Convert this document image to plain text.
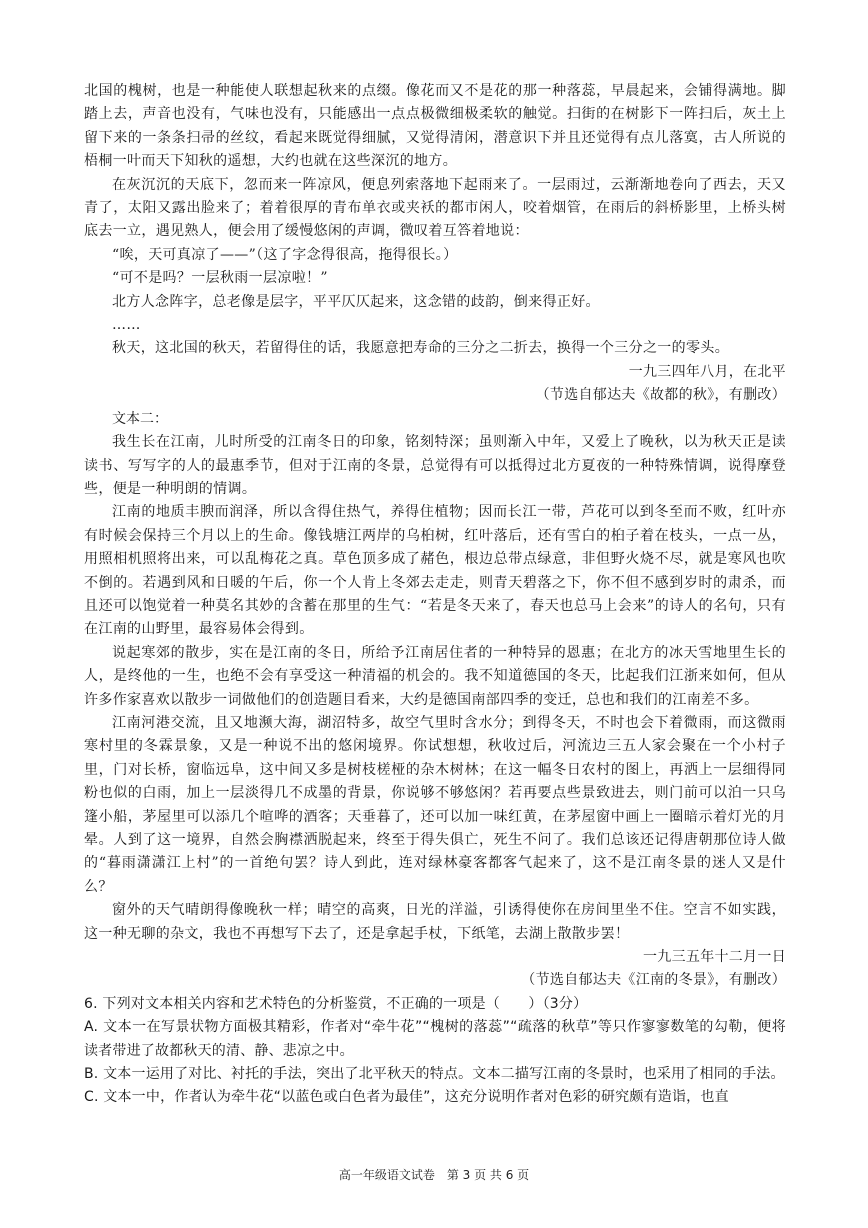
北国的槐树，也是一种能使人联想起秋来的点缀。像花而又不是花的那一种落蕊，早晨起来，会铺得满地。脚踏上去，声音也没有，气味也没有，只能感出一点点极微细极柔软的触觉。扫街的在树影下一阵扫后，灰土上留下来的一条条扫帚的丝纹，看起来既觉得细腻，又觉得清闲，潜意识下并且还觉得有点儿落寞，古人所说的梧桐一叶而天下知秋的遥想，大约也就在这些深沉的地方。

在灰沉沉的天底下，忽而来一阵凉风，便息列索落地下起雨来了。一层雨过，云渐渐地卷向了西去，天又青了，太阳又露出脸来了；着着很厚的青布单衣或夹袄的都市闲人，咬着烟管，在雨后的斜桥影里，上桥头树底去一立，遇见熟人，便会用了缓慢悠闲的声调，微叹着互答着地说：

“唉，天可真凉了——”（这了字念得很高，拖得很长。）

“可不是吗？一层秋雨一层凉啦！”

北方人念阵字，总老像是层字，平平仄仄起来，这念错的歧韵，倒来得正好。

……

秋天，这北国的秋天，若留得住的话，我愿意把寿命的三分之二折去，换得一个三分之一的零头。

一九三四年八月，在北平

（节选自郁达夫《故都的秋》，有删改）

文本二：

我生长在江南，儿时所受的江南冬日的印象，铭刻特深；虽则渐入中年，又爱上了晚秋，以为秋天正是读读书、写写字的人的最惠季节，但对于江南的冬景，总觉得有可以抵得过北方夏夜的一种特殊情调，说得摩登些，便是一种明朗的情调。

江南的地质丰腴而润泽，所以含得住热气，养得住植物；因而长江一带，芦花可以到冬至而不败，红叶亦有时候会保持三个月以上的生命。像钱塘江两岸的乌桕树，红叶落后，还有雪白的桕子着在枝头，一点一丛，用照相机照将出来，可以乱梅花之真。草色顶多成了赭色，根边总带点绿意，非但野火烧不尽，就是寒风也吹不倒的。若遇到风和日暖的午后，你一个人肯上冬郊去走走，则青天碧落之下，你不但不感到岁时的肃杀，而且还可以饱觉着一种莫名其妙的含蓄在那里的生气：“若是冬天来了，春天也总马上会来”的诗人的名句，只有在江南的山野里，最容易体会得到。

说起寒郊的散步，实在是江南的冬日，所给予江南居住者的一种特异的恩惠；在北方的冰天雪地里生长的人，是终他的一生，也绝不会有享受这一种清福的机会的。我不知道德国的冬天，比起我们江浙来如何，但从许多作家喜欢以散步一词做他们的创造题目看来，大约是德国南部四季的变迁，总也和我们的江南差不多。

江南河港交流，且又地濒大海，湖沼特多，故空气里时含水分；到得冬天，不时也会下着微雨，而这微雨寒村里的冬霖景象，又是一种说不出的悠闲境界。你试想想，秋收过后，河流边三五人家会聚在一个小村子里，门对长桥，窗临远阜，这中间又多是树枝槎桠的杂木树林；在这一幅冬日农村的图上，再洒上一层细得同粉也似的白雨，加上一层淡得几不成墨的背景，你说够不够悠闲？若再要点些景致进去，则门前可以泊一只乌篷小船，茅屋里可以添几个喧哗的酒客；天垂暮了，还可以加一味红黄，在茅屋窗中画上一圈暗示着灯光的月晕。人到了这一境界，自然会胸襟洒脱起来，终至于得失俱亡，死生不问了。我们总该还记得唐朝那位诗人做的“暮雨潇潇江上村”的一首绝句罢？诗人到此，连对绿林豪客都客气起来了，这不是江南冬景的迷人又是什么？

窗外的天气晴朗得像晚秋一样；晴空的高爽，日光的洋溢，引诱得使你在房间里坐不住。空言不如实践，这一种无聊的杂文，我也不再想写下去了，还是拿起手杖，下纸笔，去湖上散散步罢！

一九三五年十二月一日

（节选自郁达夫《江南的冬景》，有删改）

6. 下列对文本相关内容和艺术特色的分析鉴赏，不正确的一项是（　　）（3分）

A. 文本一在写景状物方面极其精彩，作者对“牵牛花”“槐树的落蕊”“疏落的秋草”等只作寥寥数笔的勾勒，便将读者带进了故都秋天的清、静、悲凉之中。

B. 文本一运用了对比、衬托的手法，突出了北平秋天的特点。文本二描写江南的冬景时，也采用了相同的手法。

C. 文本一中，作者认为牵牛花“以蓝色或白色者为最佳”，这充分说明作者对色彩的研究颇有造诣，也直

高一年级语文试卷　第 3 页 共 6 页
